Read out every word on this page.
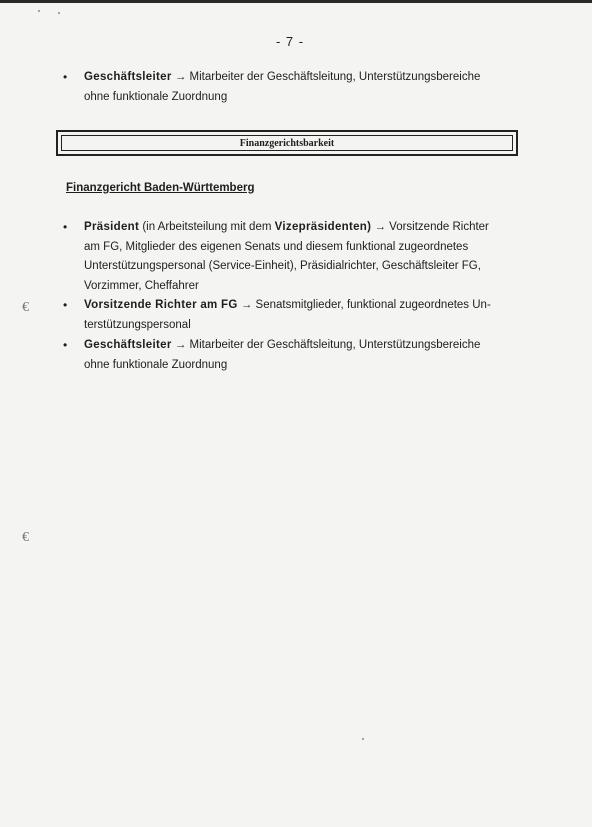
- 7 -
• Geschäftsleiter → Mitarbeiter der Geschäftsleitung, Unterstützungsbereiche
ohne funktionale Zuordnung
Finanzgerichtsbarkeit
Finanzgericht Baden-Württemberg
• Präsident (in Arbeitsteilung mit dem Vizepräsidenten) → Vorsitzende Richter
am FG, Mitglieder des eigenen Senats und diesem funktional zugeordnetes
Unterstützungspersonal (Service-Einheit), Präsidialrichter, Geschäftsleiter FG,
Vorzimmer, Cheffahrer
• Vorsitzende Richter am FG → Senatsmitglieder, funktional zugeordnetes Un-
terstützungspersonal
• Geschäftsleiter → Mitarbeiter der Geschäftsleitung, Unterstützungsbereiche
ohne funktionale Zuordnung
€
€
